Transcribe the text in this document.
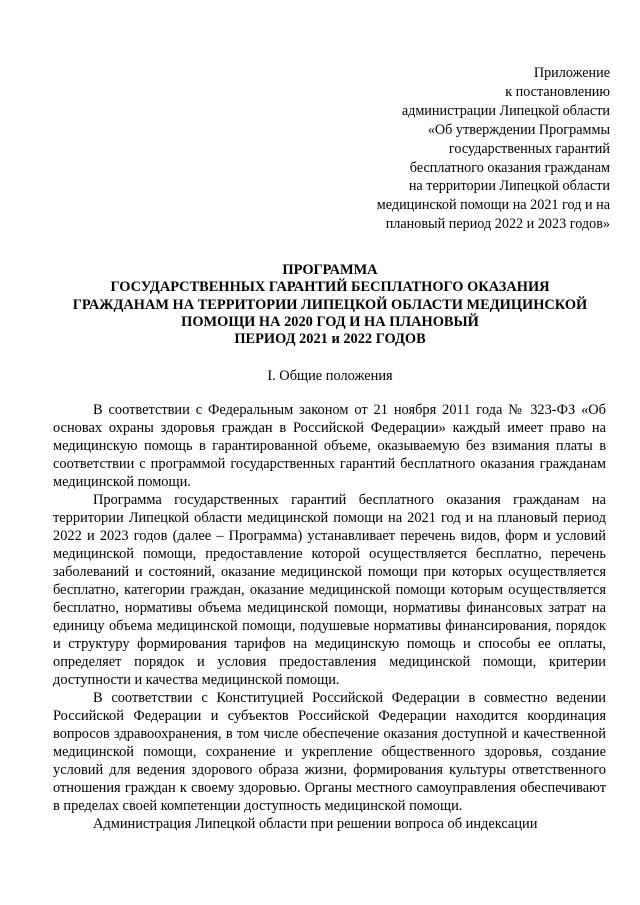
Приложение
к постановлению
администрации Липецкой области
«Об утверждении Программы
государственных гарантий
бесплатного оказания гражданам
на территории Липецкой области
медицинской помощи на 2021 год и на
плановый период 2022 и 2023 годов»
ПРОГРАММА
ГОСУДАРСТВЕННЫХ ГАРАНТИЙ БЕСПЛАТНОГО ОКАЗАНИЯ
ГРАЖДАНАМ НА ТЕРРИТОРИИ ЛИПЕЦКОЙ ОБЛАСТИ МЕДИЦИНСКОЙ
ПОМОЩИ НА 2020 ГОД И НА ПЛАНОВЫЙ
ПЕРИОД 2021 и 2022 ГОДОВ
I. Общие положения

В соответствии с Федеральным законом от 21 ноября 2011 года № 323-ФЗ «Об основах охраны здоровья граждан в Российской Федерации» каждый имеет право на медицинскую помощь в гарантированной объеме, оказываемую без взимания платы в соответствии с программой государственных гарантий бесплатного оказания гражданам медицинской помощи.

Программа государственных гарантий бесплатного оказания гражданам на территории Липецкой области медицинской помощи на 2021 год и на плановый период 2022 и 2023 годов (далее – Программа) устанавливает перечень видов, форм и условий медицинской помощи, предоставление которой осуществляется бесплатно, перечень заболеваний и состояний, оказание медицинской помощи при которых осуществляется бесплатно, категории граждан, оказание медицинской помощи которым осуществляется бесплатно, нормативы объема медицинской помощи, нормативы финансовых затрат на единицу объема медицинской помощи, подушевые нормативы финансирования, порядок и структуру формирования тарифов на медицинскую помощь и способы ее оплаты, определяет порядок и условия предоставления медицинской помощи, критерии доступности и качества медицинской помощи.

В соответствии с Конституцией Российской Федерации в совместно ведении Российской Федерации и субъектов Российской Федерации находится координация вопросов здравоохранения, в том числе обеспечение оказания доступной и качественной медицинской помощи, сохранение и укрепление общественного здоровья, создание условий для ведения здорового образа жизни, формирования культуры ответственного отношения граждан к своему здоровью. Органы местного самоуправления обеспечивают в пределах своей компетенции доступность медицинской помощи.

Администрация Липецкой области при решении вопроса об индексации
